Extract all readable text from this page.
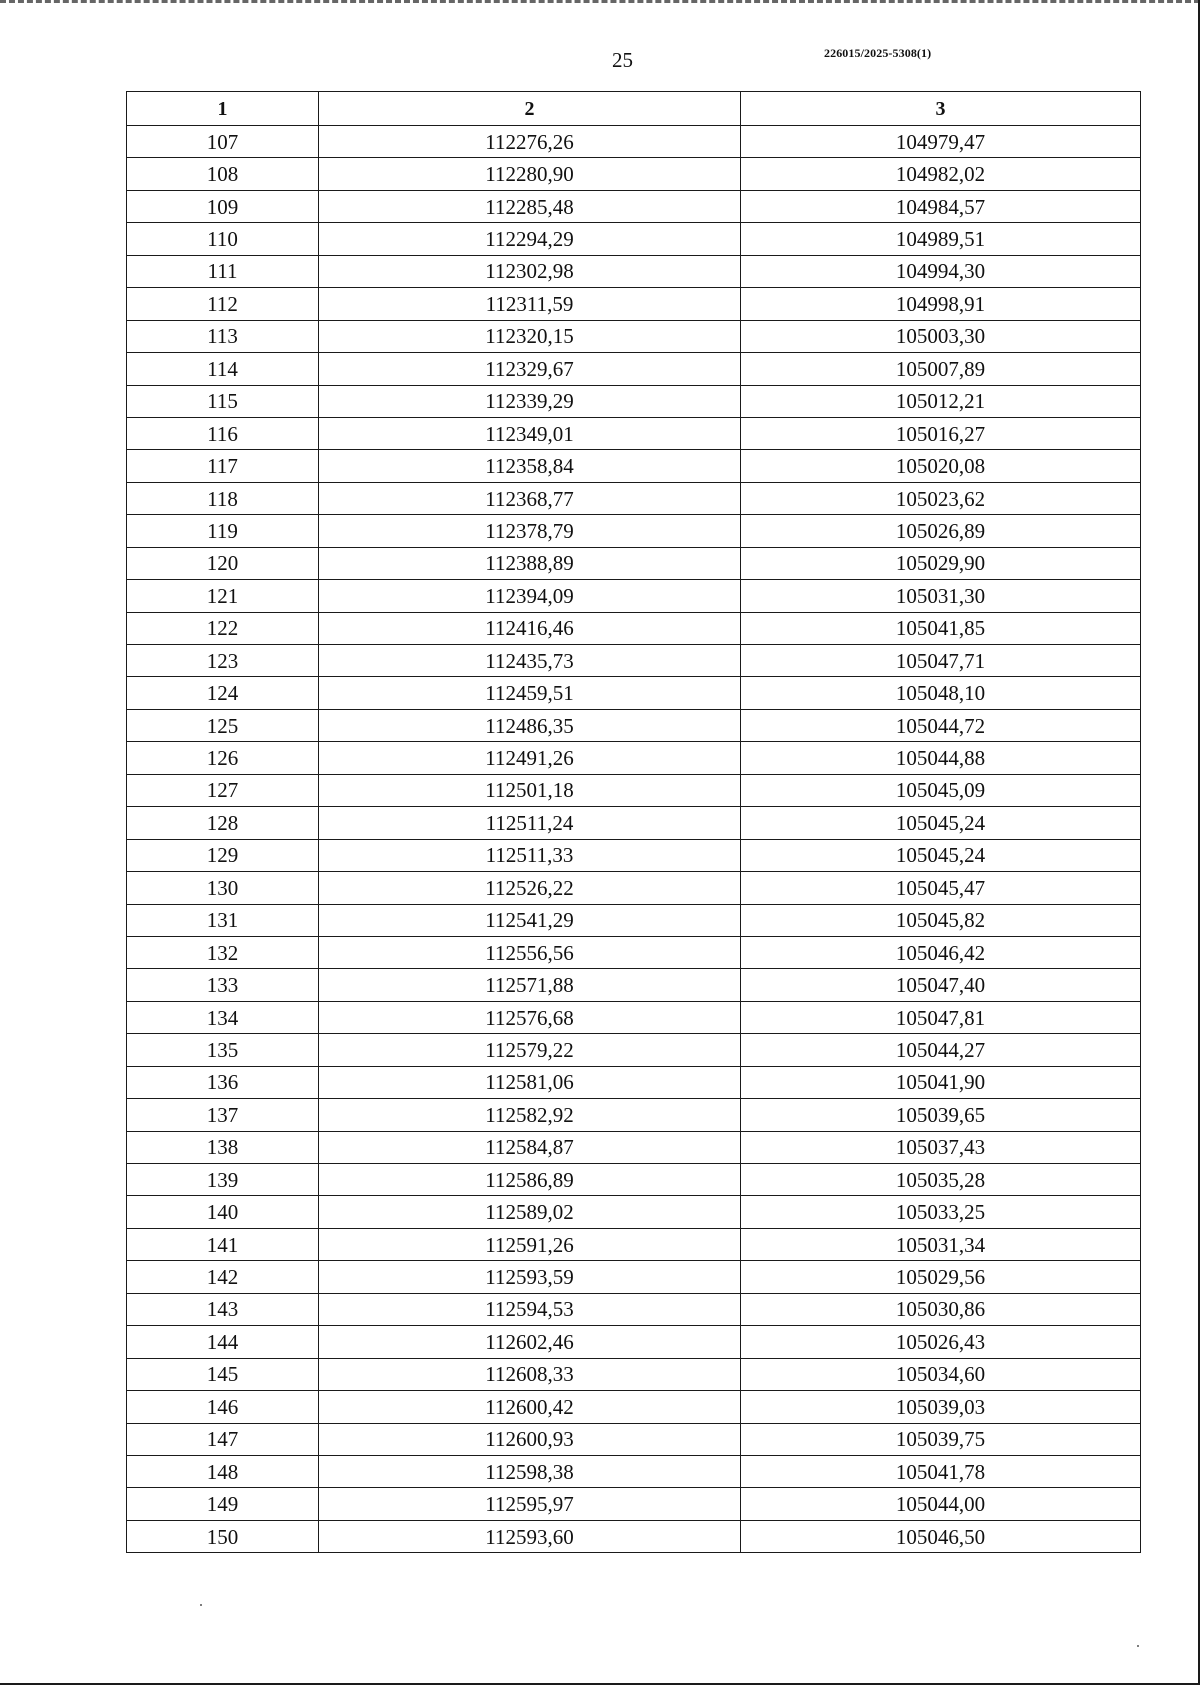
25	226015/2025-5308(1)
1	2	3
107	112276,26	104979,47
108	112280,90	104982,02
109	112285,48	104984,57
110	112294,29	104989,51
111	112302,98	104994,30
112	112311,59	104998,91
113	112320,15	105003,30
114	112329,67	105007,89
115	112339,29	105012,21
116	112349,01	105016,27
117	112358,84	105020,08
118	112368,77	105023,62
119	112378,79	105026,89
120	112388,89	105029,90
121	112394,09	105031,30
122	112416,46	105041,85
123	112435,73	105047,71
124	112459,51	105048,10
125	112486,35	105044,72
126	112491,26	105044,88
127	112501,18	105045,09
128	112511,24	105045,24
129	112511,33	105045,24
130	112526,22	105045,47
131	112541,29	105045,82
132	112556,56	105046,42
133	112571,88	105047,40
134	112576,68	105047,81
135	112579,22	105044,27
136	112581,06	105041,90
137	112582,92	105039,65
138	112584,87	105037,43
139	112586,89	105035,28
140	112589,02	105033,25
141	112591,26	105031,34
142	112593,59	105029,56
143	112594,53	105030,86
144	112602,46	105026,43
145	112608,33	105034,60
146	112600,42	105039,03
147	112600,93	105039,75
148	112598,38	105041,78
149	112595,97	105044,00
150	112593,60	105046,50
